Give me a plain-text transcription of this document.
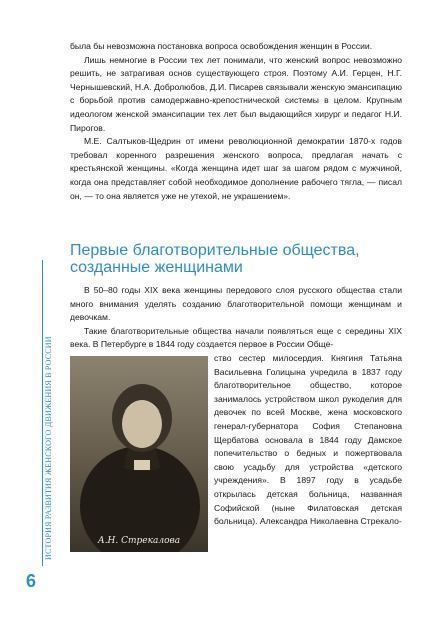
была бы невозможна постановка вопроса освобождения женщин в России.

Лишь немногие в России тех лет понимали, что женский вопрос невозможно решить, не затрагивая основ существующего строя. Поэтому А.И. Герцен, Н.Г. Чернышевский, Н.А. Добролюбов, Д.И. Писарев связывали женскую эмансипацию с борьбой против самодержавно-крепостнической системы в целом. Крупным идеологом женской эмансипации тех лет был выдающийся хирург и педагог Н.И. Пирогов.

М.Е. Салтыков-Щедрин от имени революционной демократии 1870-х годов требовал коренного разрешения женского вопроса, предлагая начать с крестьянской женщины. «Когда женщина идет шаг за шагом рядом с мужчиной, когда она представляет собой необходимое дополнение рабочего тягла, — писал он, — то она является уже не утехой, не украшением».

Первые благотворительные общества, созданные женщинами

В 50–80 годы XIX века женщины передового слоя русского общества стали много внимания уделять созданию благотворительной помощи женщинам и девочкам.

Такие благотворительные общества начали появляться еще с середины XIX века. В Петербурге в 1844 году создается первое в России Обще-

А.Н. Стрекалова

ство сестер милосердия. Княгиня Татьяна Васильевна Голицына учредила в 1837 году благотворительное общество, которое занималось устройством школ рукоделия для девочек по всей Москве, жена московского генерал-губернатора София Степановна Щербатова основала в 1844 году Дамское попечительство о бедных и пожертвовала свою усадьбу для устройства «детского учреждения». В 1897 году в усадьбе открылась детская больница, названная Софийской (ныне Филатовская детская больница). Александра Николаевна Стрекало-

ИСТОРИЯ РАЗВИТИЯ ЖЕНСКОГО ДВИЖЕНИЯ В РОССИИ
6
